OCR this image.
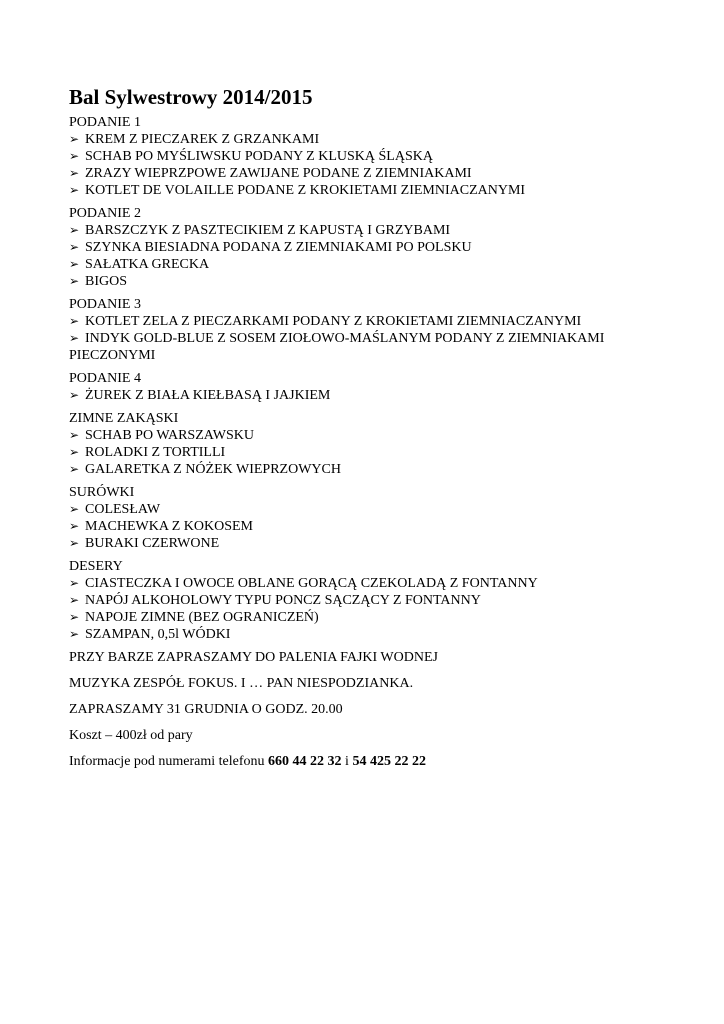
Bal Sylwestrowy 2014/2015
PODANIE 1
➢ KREM Z PIECZAREK Z GRZANKAMI
➢ SCHAB PO MYŚLIWSKU PODANY Z KLUSKĄ ŚLĄSKĄ
➢ ZRAZY WIEPRZPOWE ZAWIJANE PODANE Z ZIEMNIAKAMI
➢ KOTLET DE VOLAILLE PODANE Z KROKIETAMI ZIEMNIACZANYMI
PODANIE 2
➢ BARSZCZYK Z PASZTECIKIEM Z KAPUSTĄ I GRZYBAMI
➢ SZYNKA BIESIADNA PODANA Z ZIEMNIAKAMI PO POLSKU
➢ SAŁATKA GRECKA
➢ BIGOS
PODANIE 3
➢ KOTLET ZELA Z PIECZARKAMI PODANY Z KROKIETAMI ZIEMNIACZANYMI
➢ INDYK GOLD-BLUE Z SOSEM ZIOŁOWO-MAŚLANYM PODANY Z ZIEMNIAKAMI PIECZONYMI
PODANIE 4
➢ ŻUREK Z BIAŁA KIEŁBASĄ I JAJKIEM
ZIMNE ZAKĄSKI
➢ SCHAB PO WARSZAWSKU
➢ ROLADKI Z TORTILLI
➢ GALARETKA Z NÓŻEK WIEPRZOWYCH
SURÓWKI
➢ COLESŁAW
➢ MACHEWKA Z KOKOSEM
➢ BURAKI CZERWONE
DESERY
➢ CIASTECZKA I OWOCE OBLANE GORĄCĄ CZEKOLADĄ Z FONTANNY
➢ NAPÓJ ALKOHOLOWY TYPU PONCZ SĄCZĄCY Z FONTANNY
➢ NAPOJE ZIMNE (BEZ OGRANICZEŃ)
➢ SZAMPAN, 0,5l WÓDKI
PRZY BARZE ZAPRASZAMY DO PALENIA FAJKI WODNEJ
MUZYKA ZESPÓŁ FOKUS. I … PAN NIESPODZIANKA.
ZAPRASZAMY 31 GRUDNIA O GODZ. 20.00
Koszt – 400zł od pary
Informacje pod numerami telefonu 660 44 22 32 i 54 425 22 22
